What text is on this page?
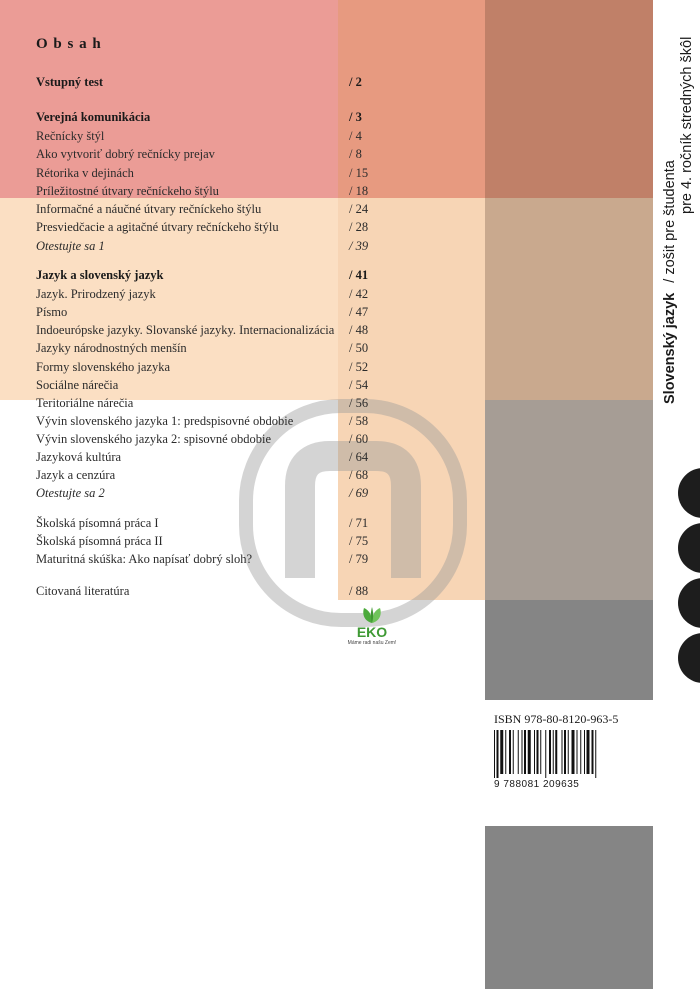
O b s a h
Vstupný test	/ 2
Verejná komunikácia	/ 3
Rečnícky štýl	/ 4
Ako vytvoriť dobrý rečnícky prejav	/ 8
Rétorika v dejinách	/ 15
Príležitostné útvary rečníckeho štýlu	/ 18
Informačné a náučné útvary rečníckeho štýlu	/ 24
Presviedčacie a agitačné útvary rečníckeho štýlu	/ 28
Otestujte sa 1	/ 39
Jazyk a slovenský jazyk	/ 41
Jazyk. Prirodzený jazyk	/ 42
Písmo	/ 47
Indoeurópske jazyky. Slovanské jazyky. Internacionalizácia / 48
Jazyky národnostných menšín	/ 50
Formy slovenského jazyka	/ 52
Sociálne nárečia	/ 54
Teritoriálne nárečia	/ 56
Vývin slovenského jazyka 1: predspisovné obdobie	/ 58
Vývin slovenského jazyka 2: spisovné obdobie	/ 60
Jazyková kultúra	/ 64
Jazyk a cenzúra	/ 68
Otestujte sa 2	/ 69
Školská písomná práca I	/ 71
Školská písomná práca II	/ 75
Maturitná skúška: Ako napísať dobrý sloh?	/ 79
Citovaná literatúra	/ 88
EKO
Máme radi našu Zem!
ISBN 978-80-8120-963-5
9 788081 209635
Slovenský jazyk / zošit pre študenta
pre 4. ročník stredných škôl
